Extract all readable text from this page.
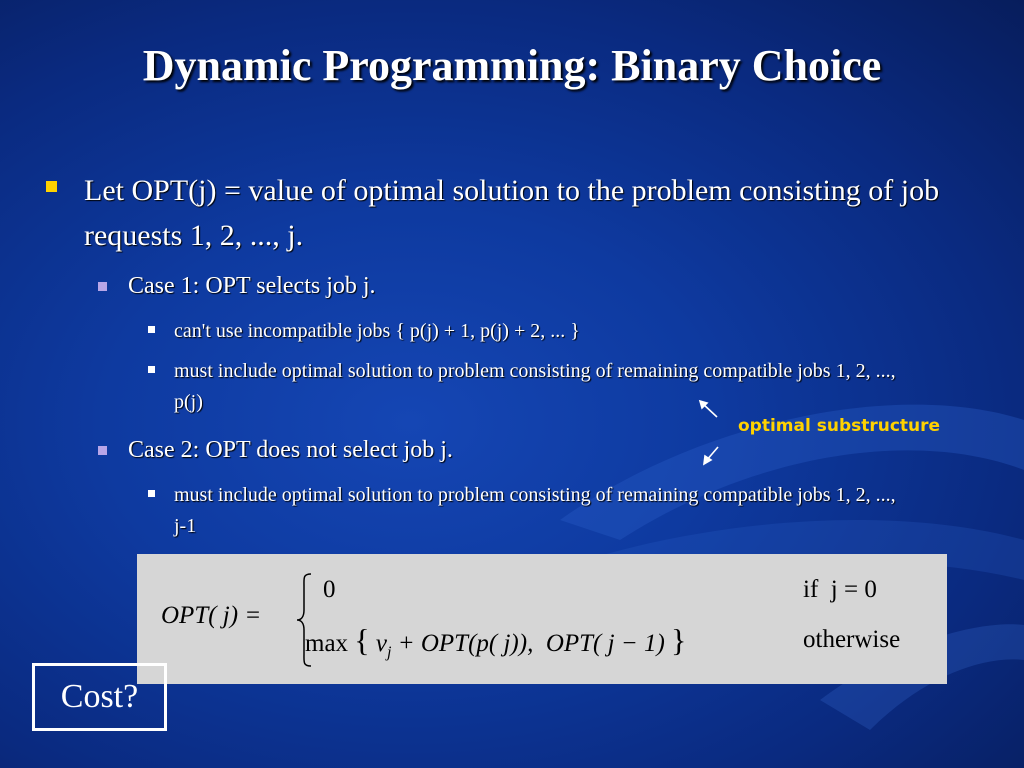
Dynamic Programming: Binary Choice
Let OPT(j) = value of optimal solution to the problem consisting of job requests 1, 2, ..., j.
Case 1: OPT selects job j.
can't use incompatible jobs { p(j) + 1, p(j) + 2, ... }
must include optimal solution to problem consisting of remaining compatible jobs 1, 2, ..., p(j)
Case 2: OPT does not select job j.
must include optimal solution to problem consisting of remaining compatible jobs 1, 2, ..., j-1
optimal substructure
OPT( j) =
0	if j = 0
max { $v_j + OPT(p$( j)), OPT( j − 1) }	otherwise
Cost?
